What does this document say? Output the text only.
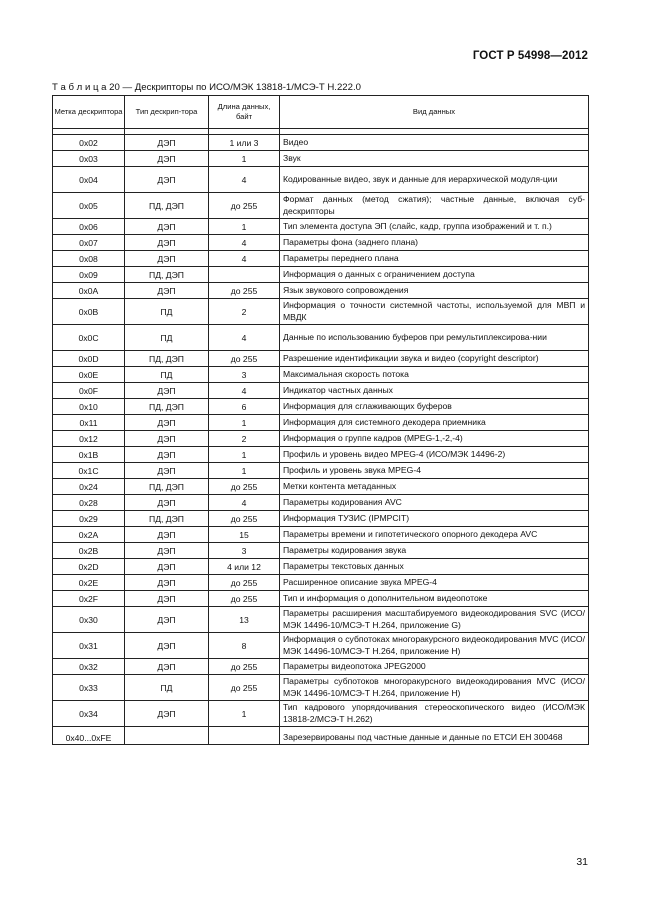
ГОСТ Р 54998—2012
Т а б л и ц а 20 — Дескрипторы по ИСО/МЭК 13818-1/МСЭ-Т Н.222.0
Метка дескриптора	Тип дескрип-тора	Длина данных, байт	Вид данных

0x02	ДЭП	1 или 3	Видео
0x03	ДЭП	1	Звук
0x04	ДЭП	4	Кодированные видео, звук и данные для иерархической модуля-ции
0x05	ПД, ДЭП	до 255	Формат данных (метод сжатия); частные данные, включая суб-дескрипторы
0x06	ДЭП	1	Тип элемента доступа ЭП (слайс, кадр, группа изображений и т. п.)
0x07	ДЭП	4	Параметры фона (заднего плана)
0x08	ДЭП	4	Параметры переднего плана
0x09	ПД, ДЭП		Информация о данных с ограничением доступа
0x0A	ДЭП	до 255	Язык звукового сопровождения
0x0B	ПД	2	Информация о точности системной частоты, используемой для МВП и МВДК
0x0C	ПД	4	Данные по использованию буферов при ремультиплексирова-нии
0x0D	ПД, ДЭП	до 255	Разрешение идентификации звука и видео (copyright descriptor)
0x0E	ПД	3	Максимальная скорость потока
0x0F	ДЭП	4	Индикатор частных данных
0x10	ПД, ДЭП	6	Информация для сглаживающих буферов
0x11	ДЭП	1	Информация для системного декодера приемника
0x12	ДЭП	2	Информация о группе кадров (MPEG-1,-2,-4)
0x1B	ДЭП	1	Профиль и уровень видео MPEG-4 (ИСО/МЭК 14496-2)
0x1C	ДЭП	1	Профиль и уровень звука MPEG-4
0x24	ПД, ДЭП	до 255	Метки контента метаданных
0x28	ДЭП	4	Параметры кодирования AVC
0x29	ПД, ДЭП	до 255	Информация ТУЗИС (IPMPCIT)
0x2A	ДЭП	15	Параметры времени и гипотетического опорного декодера AVC
0x2B	ДЭП	3	Параметры кодирования звука
0x2D	ДЭП	4 или 12	Параметры текстовых данных
0x2E	ДЭП	до 255	Расширенное описание звука MPEG-4
0x2F	ДЭП	до 255	Тип и информация о дополнительном видеопотоке
0x30	ДЭП	13	Параметры расширения масштабируемого видеокодирования SVC (ИСО/МЭК 14496-10/МСЭ-Т Н.264, приложение G)
0x31	ДЭП	8	Информация о субпотоках многоракурсного видеокодирования MVC (ИСО/МЭК 14496-10/МСЭ-Т Н.264, приложение Н)
0x32	ДЭП	до 255	Параметры видеопотока JPEG2000
0x33	ПД	до 255	Параметры субпотоков многоракурсного видеокодирования MVC (ИСО/МЭК 14496-10/МСЭ-Т Н.264, приложение Н)
0x34	ДЭП	1	Тип кадрового упорядочивания стереоскопического видео (ИСО/МЭК 13818-2/МСЭ-Т Н.262)
0x40...0xFE			Зарезервированы под частные данные и данные по ЕТСИ ЕН 300468
31
